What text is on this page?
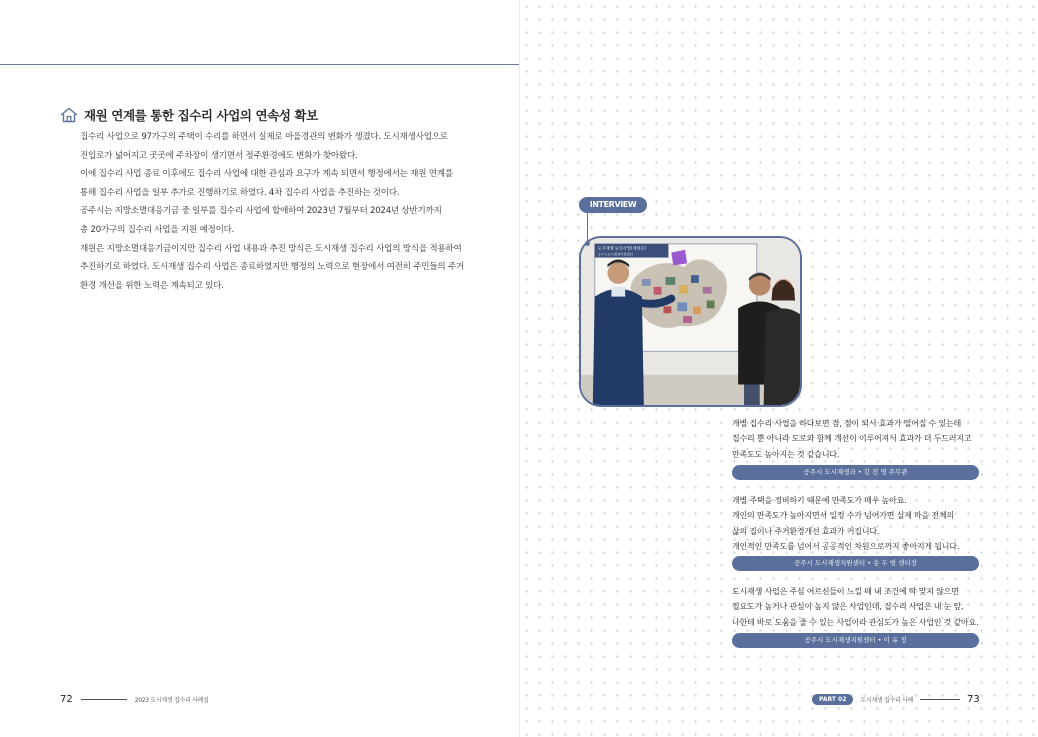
재원 연계를 통한 집수리 사업의 연속성 확보

집수리 사업으로 97가구의 주택이 수리를 하면서 실제로 마을경관의 변화가 생겼다. 도시재생사업으로

진입로가 넓어지고 곳곳에 주차장이 생기면서 정주환경에도 변화가 찾아왔다.

이에 집수리 사업 종료 이후에도 집수리 사업에 대한 관심과 요구가 계속 되면서 행정에서는 재원 연계를

통해 집수리 사업을 일부 추가로 진행하기로 하였다. 4차 집수리 사업을 추진하는 것이다.

공주시는 지방소멸대응기금 중 일부를 집수리 사업에 할애하여 2023년 7월부터 2024년 상반기까지

총 20가구의 집수리 사업을 지원 예정이다.

재원은 지방소멸대응기금이지만 집수리 사업 내용과 추진 방식은 도시재생 집수리 사업의 방식을 적용하여

추진하기로 하였다. 도시재생 집수리 사업은 종료하였지만 행정의 노력으로 현장에서 여전히 주민들의 주거

환경 개선을 위한 노력은 계속되고 있다.

72	2023 도시재생 집수리 사례집
INTERVIEW
도시재생 뉴딜사업(제월동)
공주시도시재생지원센터

개별 집수리 사업을 하다보면 점, 점이 되서 효과가 떨어질 수 있는데

집수리 뿐 아니라 도로와 함께 개선이 이루어져서 효과가 더 두드러지고

만족도도 높아지는 것 같습니다.

공주시 도시재생과 • 강 전 영 주무관

개별 주택을 정비하기 때문에 만족도가 매우 높아요.

개인의 만족도가 높아지면서 일정 수가 넘어가면 실제 마을 전체의

삶의 질이나 주거환경개선 효과가 커집니다.

개인적인 만족도를 넘어서 공공적인 차원으로까지 좋아지게 됩니다.

공주시 도시재생지원센터 • 송 두 범 센터장

도시재생 사업은 주심 어르신들이 느낄 때 내 조건에 딱 맞지 않으면

필요도가 높거나 관심이 높지 않은 사업인데, 집수리 사업은 내 눈 앞,

나한테 바로 도움을 줄 수 있는 사업이라 관심도가 높은 사업인 것 같아요.

공주시 도시재생지원센터 • 이 유 정
PART 02	도시재생 집수리 사례	73
